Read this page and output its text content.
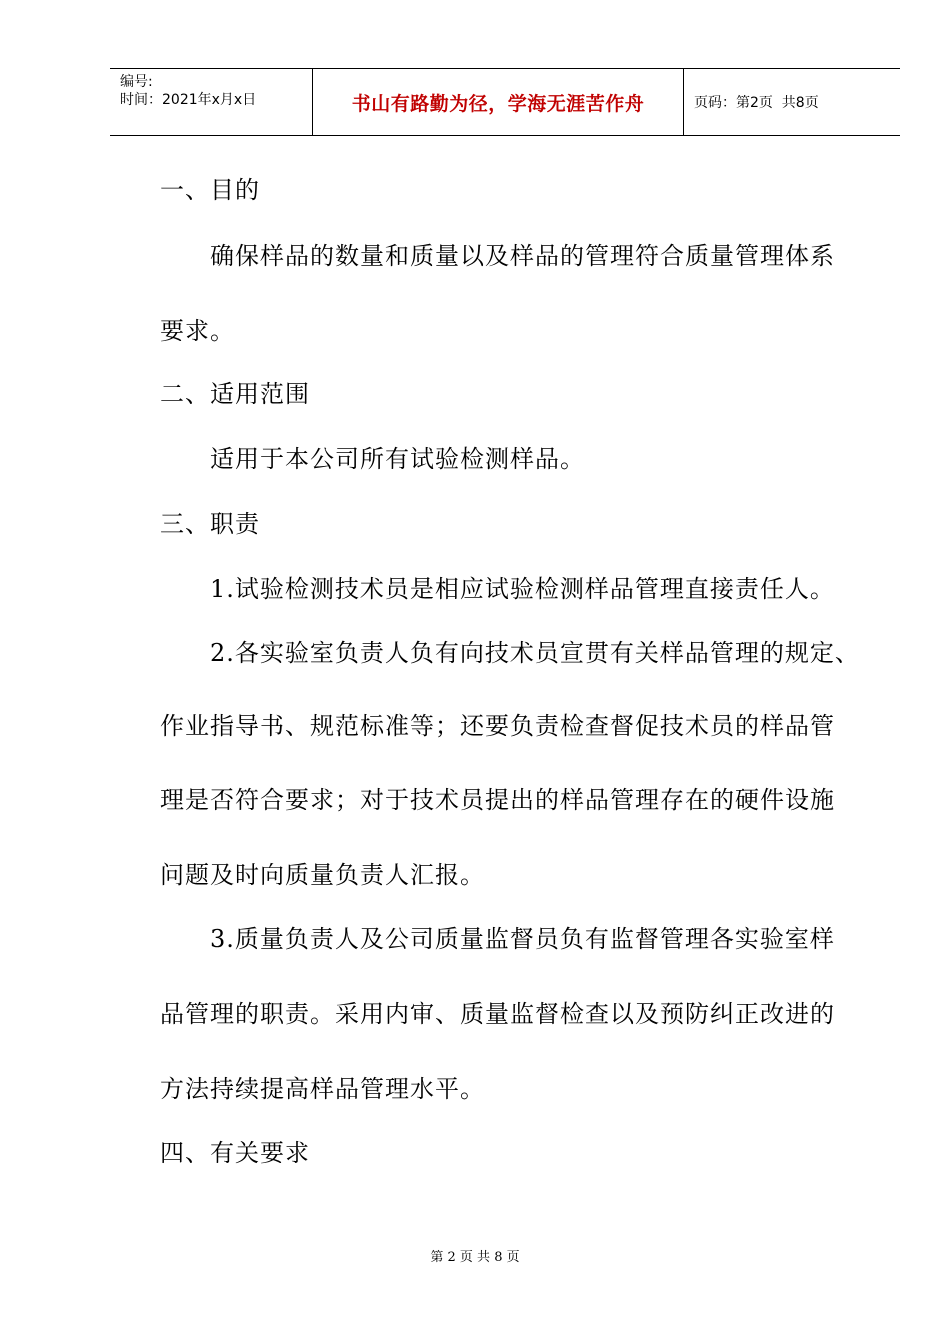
编号:
时间：2021年x月x日	书山有路勤为径，学海无涯苦作舟	页码：第2页  共8页
一、目的
确保样品的数量和质量以及样品的管理符合质量管理体系
要求。
二、适用范围
适用于本公司所有试验检测样品。
三、职责
1.试验检测技术员是相应试验检测样品管理直接责任人。
2.各实验室负责人负有向技术员宣贯有关样品管理的规定、
作业指导书、规范标准等；还要负责检查督促技术员的样品管
理是否符合要求；对于技术员提出的样品管理存在的硬件设施
问题及时向质量负责人汇报。
3.质量负责人及公司质量监督员负有监督管理各实验室样
品管理的职责。采用内审、质量监督检查以及预防纠正改进的
方法持续提高样品管理水平。
四、有关要求
第 2 页 共 8 页
